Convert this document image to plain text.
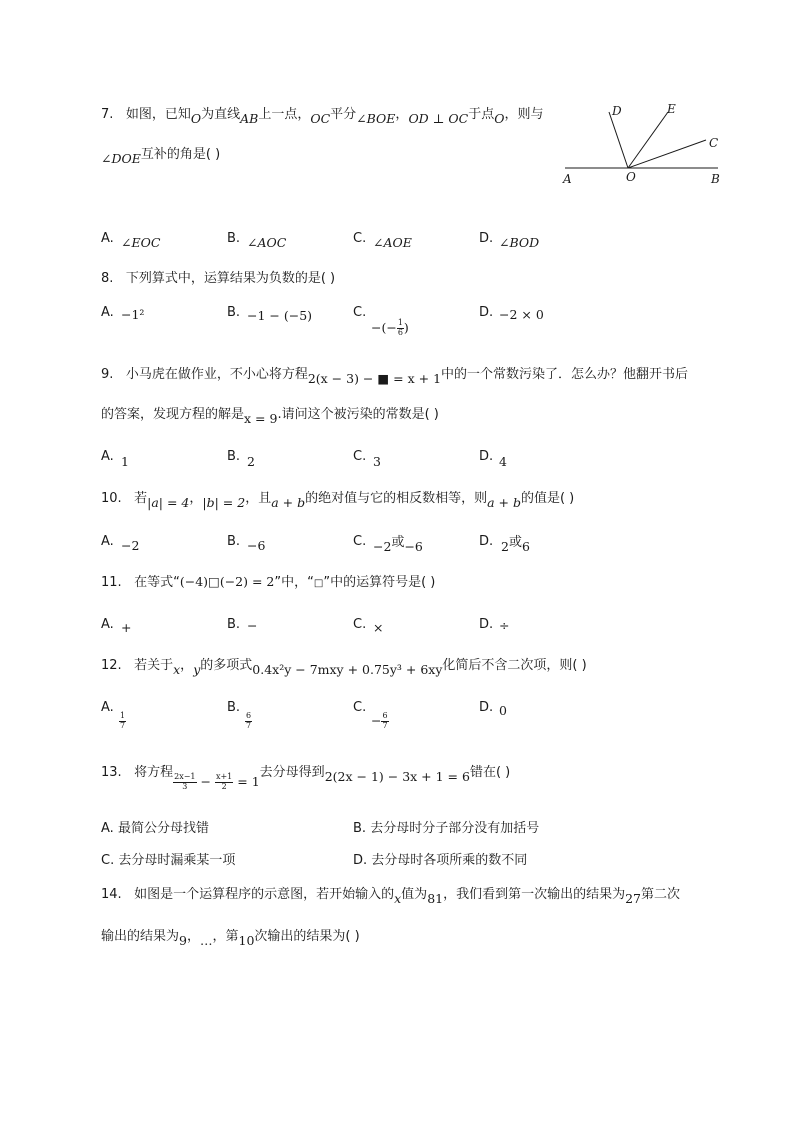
7. 如图，已知O为直线AB上一点，OC平分∠BOE，OD ⊥ OC于点O，则与
∠DOE互补的角是( )
D	E
C
A	O	B
A. ∠EOC	B. ∠AOC	C. ∠AOE	D. ∠BOD
8. 下列算式中，运算结果为负数的是( )
A. −1²	B. −1 − (−5)	C.
−(− $\frac{1}{6}$ )
D. −2 × 0
9. 小马虎在做作业，不小心将方程2(x − 3) − ■ = x + 1中的一个常数污染了．怎么办？他翻开书后
的答案，发现方程的解是x = 9.请问这个被污染的常数是( )
A. 1	B. 2	C. 3	D. 4
10. 若|a| = 4，|b| = 2，且a + b的绝对值与它的相反数相等，则a + b的值是( )
A. −2	B. −6	C. −2或−6	D. 2或6
11. 在等式“(−4)□(−2) = 2”中，“□”中的运算符号是( )
A. +	B. −	C. ×	D. ÷
12. 若关于x，y的多项式0.4x²y − 7mxy + 0.75y³ + 6xy化简后不含二次项，则( )
A.
$\frac{1}{7}$
B.
$\frac{6}{7}$
C.
− $\frac{6}{7}$
D. 0
13. 将方程
$\frac{2x-1}{3} - \frac{x+1}{2} = 1$去分母得到2(2x − 1) − 3x + 1 = 6错在( )
A. 最简公分母找错	B. 去分母时分子部分没有加括号
C. 去分母时漏乘某一项	D. 去分母时各项所乘的数不同
14. 如图是一个运算程序的示意图，若开始输入的x值为81，我们看到第一次输出的结果为27第二次
输出的结果为9，…，第10次输出的结果为( )
